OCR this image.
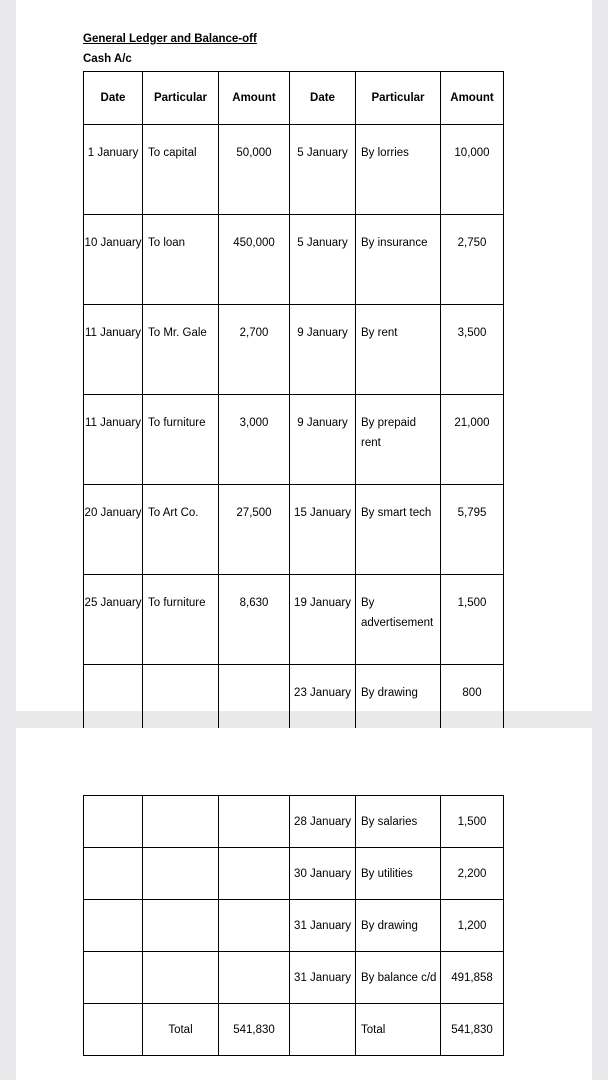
General Ledger and Balance-off

Cash A/c

Date	Particular	Amount	Date	Particular	Amount
1 January	To capital	50,000	5 January	By lorries	10,000
10 January	To loan	450,000	5 January	By insurance	2,750
11 January	To Mr. Gale	2,700	9 January	By rent	3,500
11 January	To furniture	3,000	9 January	By prepaid rent	21,000
20 January	To Art Co.	27,500	15 January	By smart tech	5,795
25 January	To furniture	8,630	19 January	By advertisement	1,500
			23 January	By drawing	800
			28 January	By salaries	1,500
			30 January	By utilities	2,200
			31 January	By drawing	1,200
			31 January	By balance c/d	491,858
	Total	541,830		Total	541,830
